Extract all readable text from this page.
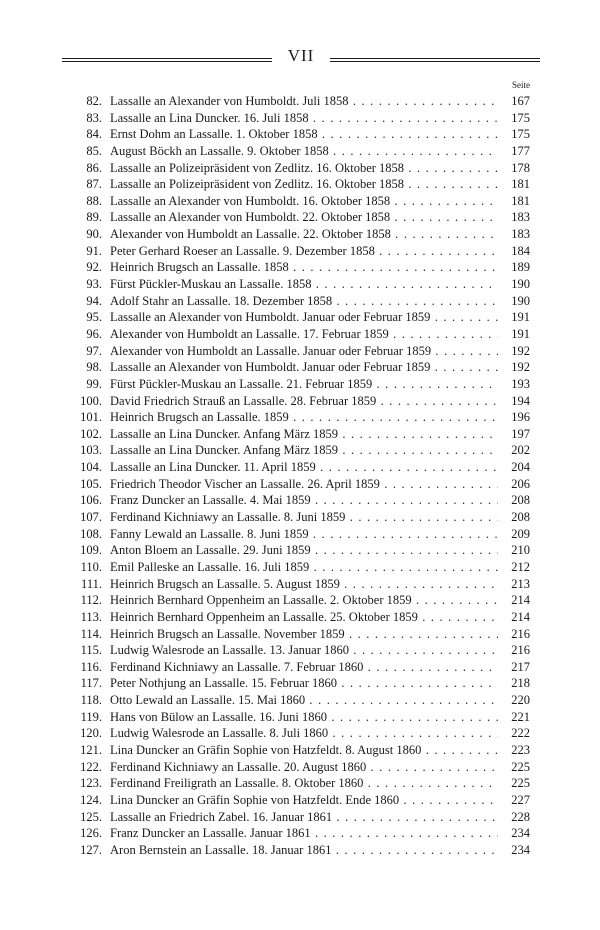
VII
Seite
82. Lassalle an Alexander von Humboldt. Juli 1858 . . .	167
83. Lassalle an Lina Duncker. 16. Juli 1858 . . .	175
84. Ernst Dohm an Lassalle. 1. Oktober 1858 . . .	175
85. August Böckh an Lassalle. 9. Oktober 1858 . . .	177
86. Lassalle an Polizeipräsident von Zedlitz. 16. Oktober 1858 . . .	178
87. Lassalle an Polizeipräsident von Zedlitz. 16. Oktober 1858 . . .	181
88. Lassalle an Alexander von Humboldt. 16. Oktober 1858 . . .	181
89. Lassalle an Alexander von Humboldt. 22. Oktober 1858 . . .	183
90. Alexander von Humboldt an Lassalle. 22. Oktober 1858 . . .	183
91. Peter Gerhard Roeser an Lassalle. 9. Dezember 1858 . . .	184
92. Heinrich Brugsch an Lassalle. 1858 . . .	189
93. Fürst Pückler-Muskau an Lassalle. 1858 . . .	190
94. Adolf Stahr an Lassalle. 18. Dezember 1858 . . .	190
95. Lassalle an Alexander von Humboldt. Januar oder Februar 1859 . . .	191
96. Alexander von Humboldt an Lassalle. 17. Februar 1859 . . .	191
97. Alexander von Humboldt an Lassalle. Januar oder Februar 1859 . . .	192
98. Lassalle an Alexander von Humboldt. Januar oder Februar 1859 . . .	192
99. Fürst Pückler-Muskau an Lassalle. 21. Februar 1859 . . .	193
100. David Friedrich Strauß an Lassalle. 28. Februar 1859 . . .	194
101. Heinrich Brugsch an Lassalle. 1859 . . .	196
102. Lassalle an Lina Duncker. Anfang März 1859 . . .	197
103. Lassalle an Lina Duncker. Anfang März 1859 . . .	202
104. Lassalle an Lina Duncker. 11. April 1859 . . .	204
105. Friedrich Theodor Vischer an Lassalle. 26. April 1859 . . .	206
106. Franz Duncker an Lassalle. 4. Mai 1859 . . .	208
107. Ferdinand Kichniawy an Lassalle. 8. Juni 1859 . . .	208
108. Fanny Lewald an Lassalle. 8. Juni 1859 . . .	209
109. Anton Bloem an Lassalle. 29. Juni 1859 . . .	210
110. Emil Palleske an Lassalle. 16. Juli 1859 . . .	212
111. Heinrich Brugsch an Lassalle. 5. August 1859 . . .	213
112. Heinrich Bernhard Oppenheim an Lassalle. 2. Oktober 1859 . . .	214
113. Heinrich Bernhard Oppenheim an Lassalle. 25. Oktober 1859 . . .	214
114. Heinrich Brugsch an Lassalle. November 1859 . . .	216
115. Ludwig Walesrode an Lassalle. 13. Januar 1860 . . .	216
116. Ferdinand Kichniawy an Lassalle. 7. Februar 1860 . . .	217
117. Peter Nothjung an Lassalle. 15. Februar 1860 . . .	218
118. Otto Lewald an Lassalle. 15. Mai 1860 . . .	220
119. Hans von Bülow an Lassalle. 16. Juni 1860 . . .	221
120. Ludwig Walesrode an Lassalle. 8. Juli 1860 . . .	222
121. Lina Duncker an Gräfin Sophie von Hatzfeldt. 8. August 1860 . . .	223
122. Ferdinand Kichniawy an Lassalle. 20. August 1860 . . .	225
123. Ferdinand Freiligrath an Lassalle. 8. Oktober 1860 . . .	225
124. Lina Duncker an Gräfin Sophie von Hatzfeldt. Ende 1860 . . .	227
125. Lassalle an Friedrich Zabel. 16. Januar 1861 . . .	228
126. Franz Duncker an Lassalle. Januar 1861 . . .	234
127. Aron Bernstein an Lassalle. 18. Januar 1861 . . .	234
